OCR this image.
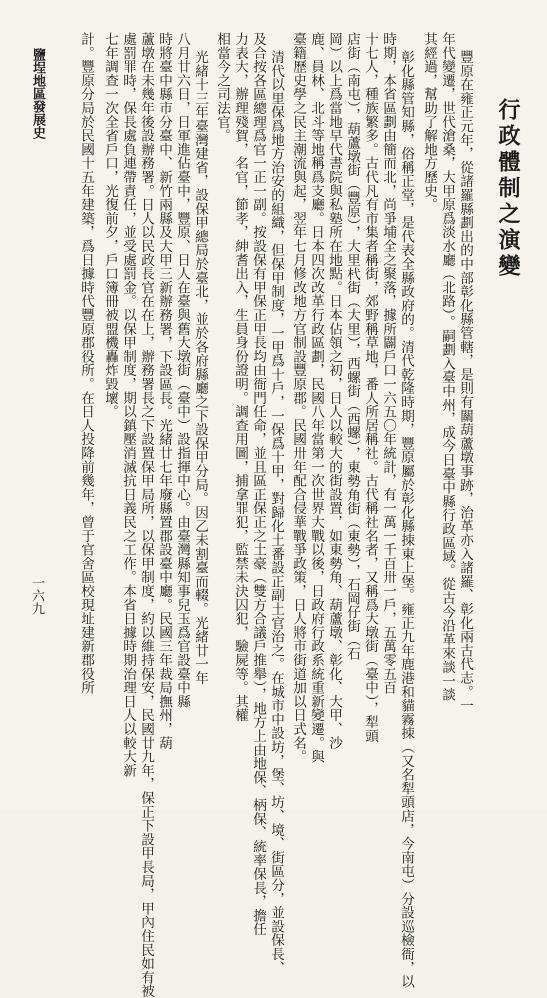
行政體制之演變
一六九
鹽埕地區發展史	豐原在雍正元年，從諸羅縣劃出的中部彰化縣管轄，是則有關葫蘆墩事跡，治革亦入諸羅、彰化兩古代志。一
年代變遷，世代滄桑，大甲原爲淡水廳（北路）。嗣劃入臺中州，成今日臺中縣行政區域。從古今沿革來談一談
其經過，幫助了解地方歷史。
彰化縣管知縣，俗稱正堂，是代表全縣政府的。清代乾隆時期，豐原屬於彰化縣拺東上堡。雍正九年鹿港和貓霧拺（又名犁頭店，今南屯）分設巡檢衙，以
時期，本省區劃由簡而北，尚爭埔全之聚落，據所闢戶口一六五〇年統計，有一萬一千百卅一戶，五萬零五百
十七人，種族繁多。古代凡有市集者稱街，郊野稱草地，番人所居稱社。古代稱社名者，又稱爲大墩街（臺中），犁頭
店街（南屯），葫蘆墩街（豐原），大里杙街（大里），西螺街（西螺），東勢角街（東勢），石岡仔街（石
岡）以上爲當地早代書院與私塾所在地點。日本佔領之初，日人以較大的街設置，如東勢角、葫蘆墩、彰化、大甲、沙
鹿、員林、北斗等地稱爲支廳。日本四次改革行政區劃，民國八年當第一次世界大戰以後，日政府行政系統重新變遷。與
臺籍歷史學之民主潮流與起，翌年七月修改地方官制設豐原郡。民國卅年配合侵華戰爭政策，日人將市街道加以日式名。
清代以里保爲地方治安的組織，但保甲制度，一甲爲十戶，一保爲十甲，對歸化土番設正副土官治之。在城市中設坊，堡、坊、境、街區分，並設保長、
及合按各區總理爲官一正一副。按設保有甲保正甲長均由衙門任命，並且區正保正之土豪（雙方合議戶推舉），地方上由地保、柄保、統率保長，擔任
力表大，辦理殘賀，名官，節孝，紳耆出入，生員身份證明。調查用圖，捕拿罪犯，監禁未決囚犯，驗屍等。其權
相當今之司法官。
光緒十三年臺灣建省，設保甲總局於臺北，並於各府縣廳之下設保甲分局。因乙未割臺而輟。光緒廿一年
八月廿六日，日軍進佔臺中，豐原、日人在臺與舊大墩街（臺中）設指揮中心。由臺灣縣知事兒玉爲官設臺中縣
時將臺中縣市分臺中、新竹兩縣及大甲三新辦務署，下設區長。光緒廿七年廢縣置郡設臺中廳。民國三年裁局撫州，葫
蘆墩在未幾年後設辦務署。日人以民政長官在在上，辦務署長之下設置保甲局所，以保甲制度，約以維持保安，民國廿九年，保正下設甲長局，甲內住民如有被
處罰罪時，保長處負連帶責任，並受處罰金。以保甲制度，期以鎮壓消滅抗日義民之工作。本省日據時期治理日人以較大新
七年調查一次全省戶口，光復前夕，戶口簿冊被盟機轟炸毀壞。
計。豐原分局於民國十五年建築，爲日據時代豐原郡役所。在日人投降前幾年，曾于官舍區校現址建新郡役所
